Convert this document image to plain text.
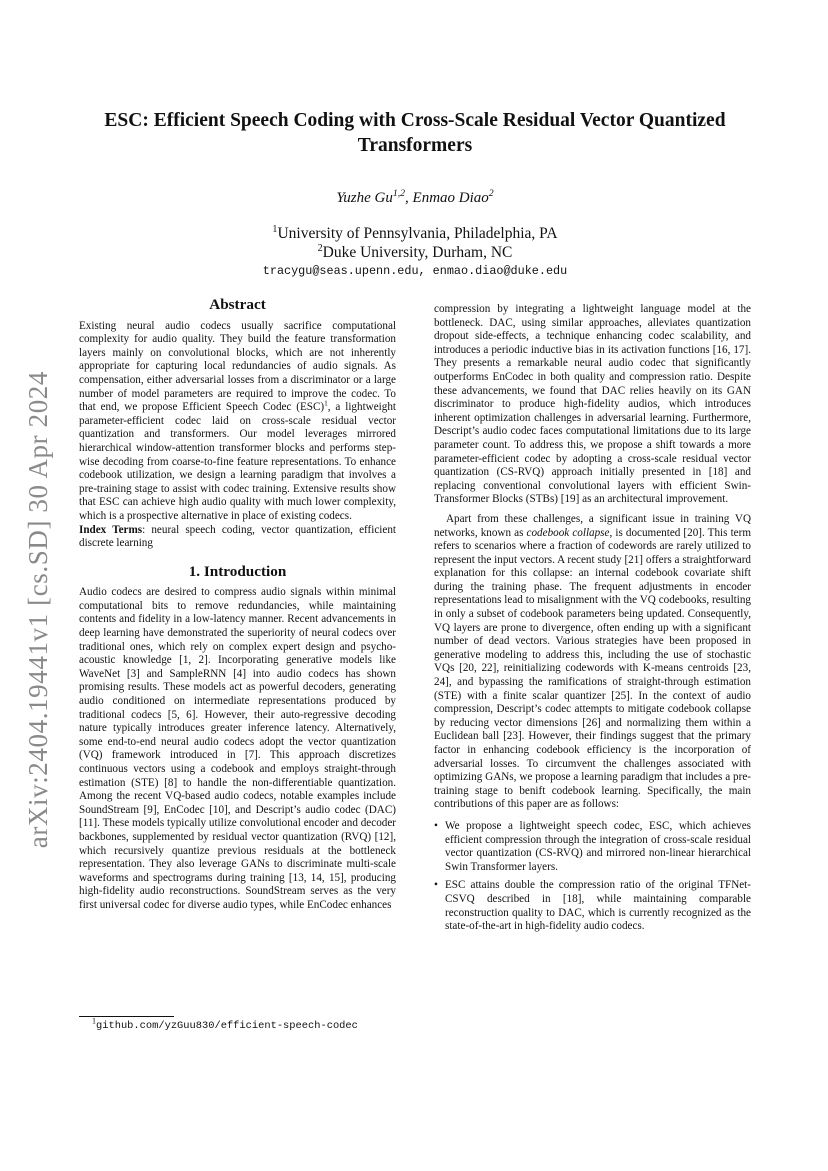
arXiv:2404.19441v1 [cs.SD] 30 Apr 2024
ESC: Efficient Speech Coding with Cross-Scale Residual Vector Quantized Transformers
Yuzhe Gu$^{1,2}$, Enmao Diao$^2$
$^1$University of Pennsylvania, Philadelphia, PA
$^2$Duke University, Durham, NC
tracygu@seas.upenn.edu, enmao.diao@duke.edu
Abstract

Existing neural audio codecs usually sacrifice computational complexity for audio quality. They build the feature transformation layers mainly on convolutional blocks, which are not inherently appropriate for capturing local redundancies of audio signals. As compensation, either adversarial losses from a discriminator or a large number of model parameters are required to improve the codec. To that end, we propose Efficient Speech Codec (ESC)$^1$, a lightweight parameter-efficient codec laid on cross-scale residual vector quantization and transformers. Our model leverages mirrored hierarchical window-attention transformer blocks and performs step-wise decoding from coarse-to-fine feature representations. To enhance codebook utilization, we design a learning paradigm that involves a pre-training stage to assist with codec training. Extensive results show that ESC can achieve high audio quality with much lower complexity, which is a prospective alternative in place of existing codecs.

Index Terms: neural speech coding, vector quantization, efficient discrete learning

1. Introduction

Audio codecs are desired to compress audio signals within minimal computational bits to remove redundancies, while maintaining contents and fidelity in a low-latency manner. Recent advancements in deep learning have demonstrated the superiority of neural codecs over traditional ones, which rely on complex expert design and psycho-acoustic knowledge [1, 2]. Incorporating generative models like WaveNet [3] and SampleRNN [4] into audio codecs has shown promising results. These models act as powerful decoders, generating audio conditioned on intermediate representations produced by traditional codecs [5, 6]. However, their auto-regressive decoding nature typically introduces greater inference latency. Alternatively, some end-to-end neural audio codecs adopt the vector quantization (VQ) framework introduced in [7]. This approach discretizes continuous vectors using a codebook and employs straight-through estimation (STE) [8] to handle the non-differentiable quantization. Among the recent VQ-based audio codecs, notable examples include SoundStream [9], EnCodec [10], and Descript’s audio codec (DAC) [11]. These models typically utilize convolutional encoder and decoder backbones, supplemented by residual vector quantization (RVQ) [12], which recursively quantize previous residuals at the bottleneck representation. They also leverage GANs to discriminate multi-scale waveforms and spectrograms during training [13, 14, 15], producing high-fidelity audio reconstructions. SoundStream serves as the very first universal codec for diverse audio types, while EnCodec enhances

$^1$github.com/yzGuu830/efficient-speech-codec

compression by integrating a lightweight language model at the bottleneck. DAC, using similar approaches, alleviates quantization dropout side-effects, a technique enhancing codec scalability, and introduces a periodic inductive bias in its activation functions [16, 17]. They presents a remarkable neural audio codec that significantly outperforms EnCodec in both quality and compression ratio. Despite these advancements, we found that DAC relies heavily on its GAN discriminator to produce high-fidelity audios, which introduces inherent optimization challenges in adversarial learning. Furthermore, Descript’s audio codec faces computational limitations due to its large parameter count. To address this, we propose a shift towards a more parameter-efficient codec by adopting a cross-scale residual vector quantization (CS-RVQ) approach initially presented in [18] and replacing conventional convolutional layers with efficient Swin-Transformer Blocks (STBs) [19] as an architectural improvement.

Apart from these challenges, a significant issue in training VQ networks, known as codebook collapse, is documented [20]. This term refers to scenarios where a fraction of codewords are rarely utilized to represent the input vectors. A recent study [21] offers a straightforward explanation for this collapse: an internal codebook covariate shift during the training phase. The frequent adjustments in encoder representations lead to misalignment with the VQ codebooks, resulting in only a subset of codebook parameters being updated. Consequently, VQ layers are prone to divergence, often ending up with a significant number of dead vectors. Various strategies have been proposed in generative modeling to address this, including the use of stochastic VQs [20, 22], reinitializing codewords with K-means centroids [23, 24], and bypassing the ramifications of straight-through estimation (STE) with a finite scalar quantizer [25]. In the context of audio compression, Descript’s codec attempts to mitigate codebook collapse by reducing vector dimensions [26] and normalizing them within a Euclidean ball [23]. However, their findings suggest that the primary factor in enhancing codebook efficiency is the incorporation of adversarial losses. To circumvent the challenges associated with optimizing GANs, we propose a learning paradigm that includes a pre-training stage to benift codebook learning. Specifically, the main contributions of this paper are as follows:

• We propose a lightweight speech codec, ESC, which achieves efficient compression through the integration of cross-scale residual vector quantization (CS-RVQ) and mirrored non-linear hierarchical Swin Transformer layers.
• ESC attains double the compression ratio of the original TFNet-CSVQ described in [18], while maintaining comparable reconstruction quality to DAC, which is currently recognized as the state-of-the-art in high-fidelity audio codecs.
